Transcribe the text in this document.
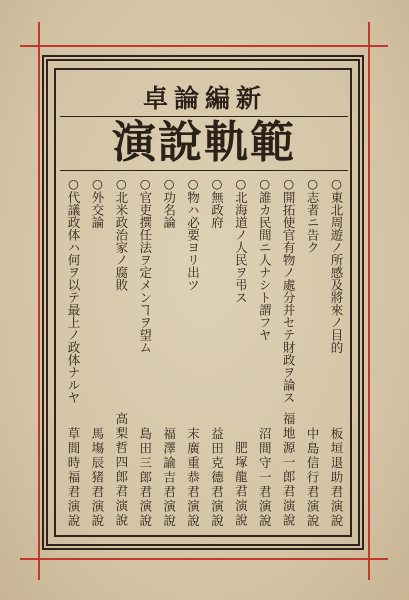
新編論卓
範軌說演
○東北周遊ノ所感及將來ノ目的
板垣退助君演說
○志者ニ告ク
中島信行君演說
○開拓使官有物ノ處分并セテ財政ヲ論ス
福地源一郎君演說
○誰カ民間ニ人ナシト謂フヤ
沼間守一君演說
○北海道ノ人民ヲ弔ス
肥塚龍君演說
○無政府
益田克德君演說
○物ハ必要ヨリ出ツ
末廣重恭君演說
○功名論
福澤諭吉君演說
○官吏撰任法ヲ定メンヿヲ望ム
島田三郎君演說
○北米政治家ノ腐敗
高梨哲四郎君演說
○外交論
馬塲辰猪君演說
○代議政体ハ何ヲ以テ最上ノ政体ナルヤ
草間時福君演說
